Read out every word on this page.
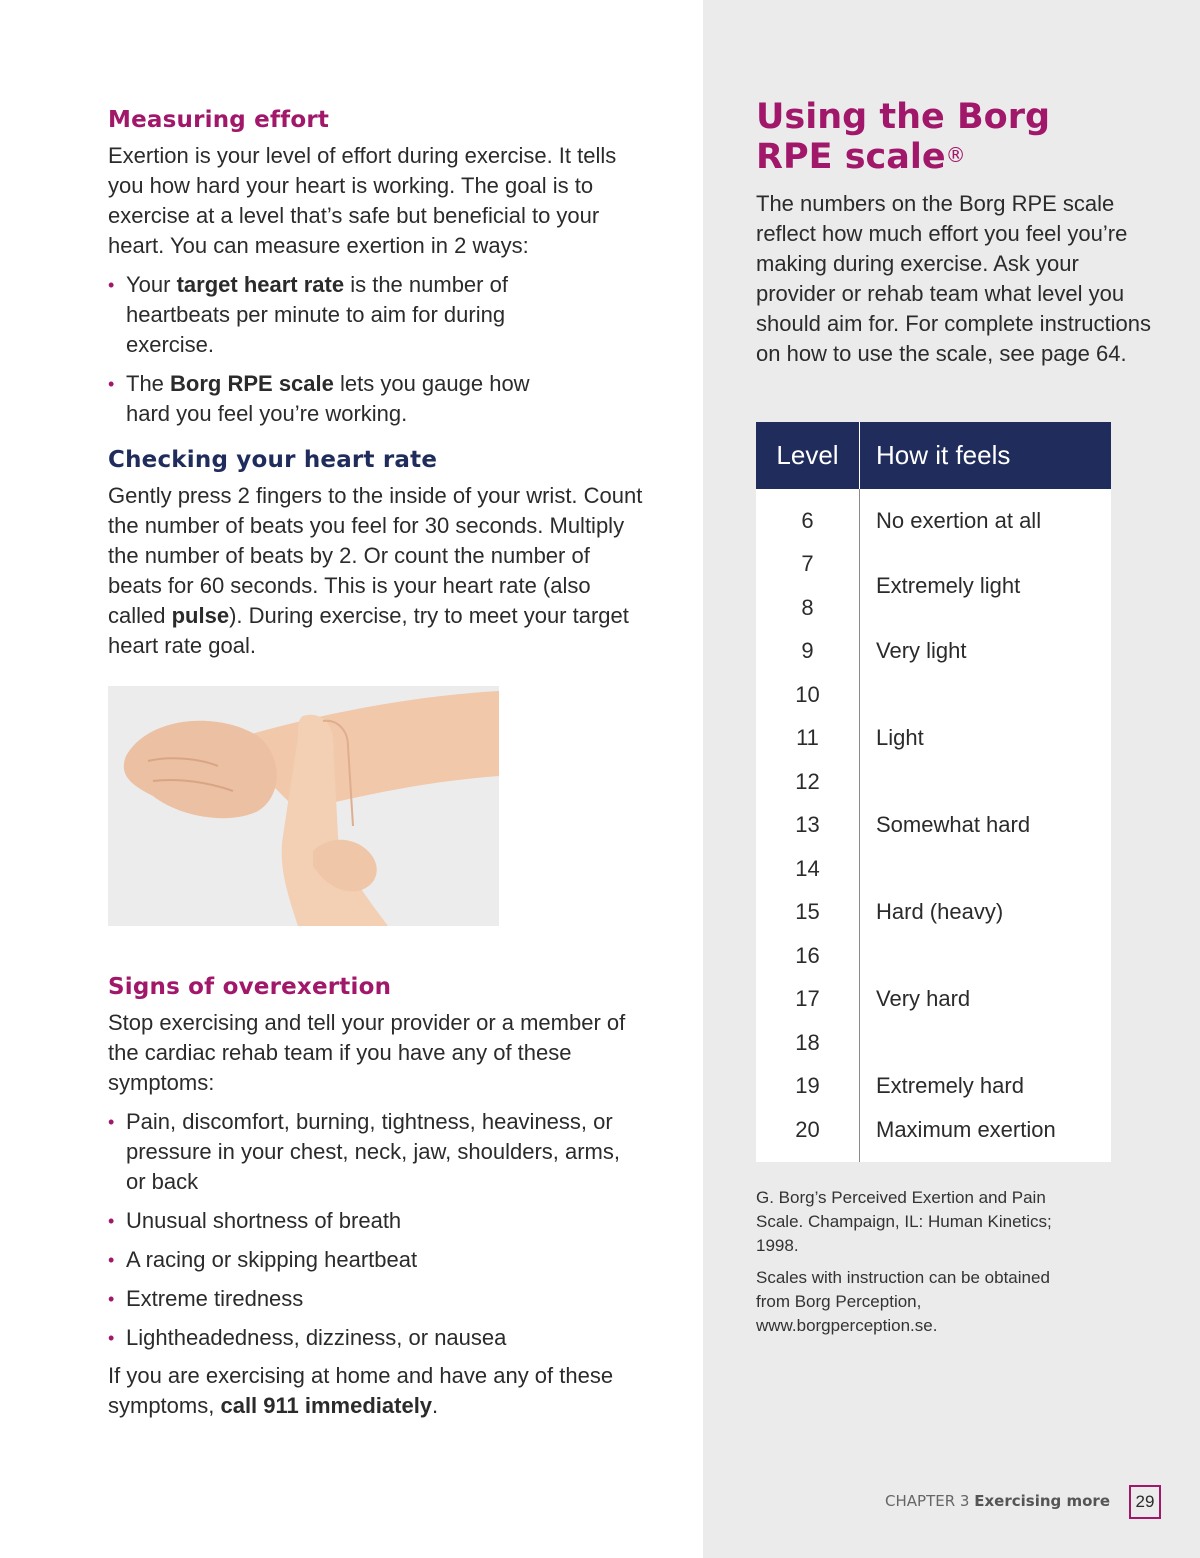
Measuring effort

Exertion is your level of effort during exercise. It tells you how hard your heart is working. The goal is to exercise at a level that’s safe but beneficial to your heart. You can measure exertion in 2 ways:

• Your target heart rate is the number of heartbeats per minute to aim for during exercise.
• The Borg RPE scale lets you gauge how hard you feel you’re working.
Checking your heart rate

Gently press 2 fingers to the inside of your wrist. Count the number of beats you feel for 30 seconds. Multiply the number of beats by 2. Or count the number of beats for 60 seconds. This is your heart rate (also called pulse). During exercise, try to meet your target heart rate goal.

Signs of overexertion

Stop exercising and tell your provider or a member of the cardiac rehab team if you have any of these symptoms:

• Pain, discomfort, burning, tightness, heaviness, or pressure in your chest, neck, jaw, shoulders, arms, or back
• Unusual shortness of breath
• A racing or skipping heartbeat
• Extreme tiredness
• Lightheadedness, dizziness, or nausea

If you are exercising at home and have any of these symptoms, call 911 immediately.

Using the Borg
RPE scale®
The numbers on the Borg RPE scale reflect how much effort you feel you’re making during exercise. Ask your provider or rehab team what level you should aim for. For complete instructions on how to use the scale, see page 64.
Level	How it feels
6
7
8
9
10
11
12
13
14
15
16
17
18
19
20
No exertion at all
Extremely light
Very light
Light
Somewhat hard
Hard (heavy)
Very hard
Extremely hard
Maximum exertion

G. Borg’s Perceived Exertion and Pain Scale. Champaign, IL: Human Kinetics; 1998.

Scales with instruction can be obtained from Borg Perception, www.borgperception.se.

CHAPTER 3 Exercising more	29
